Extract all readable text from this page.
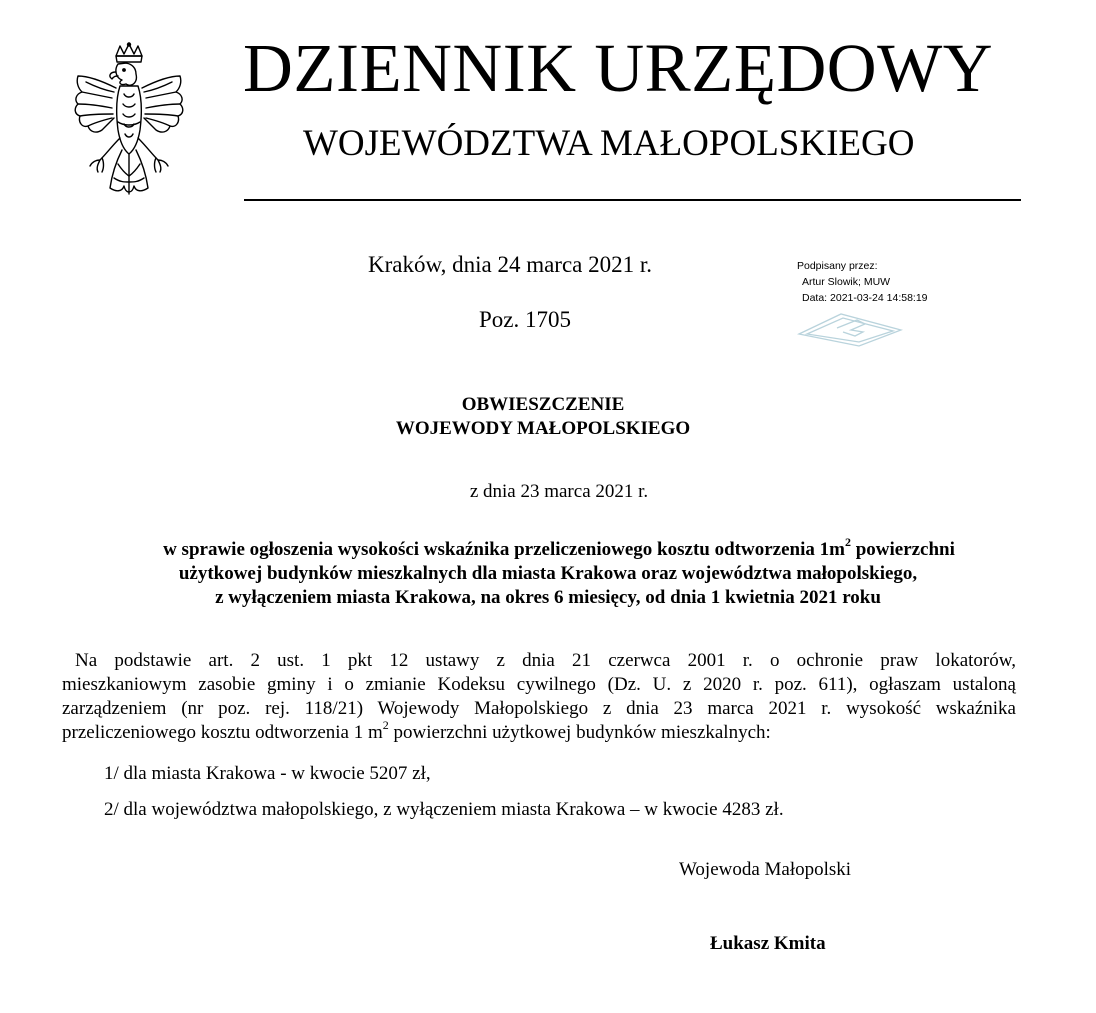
DZIENNIK URZĘDOWY
WOJEWÓDZTWA MAŁOPOLSKIEGO
Kraków, dnia 24 marca 2021 r.
Poz. 1705
Podpisany przez:
Artur Slowik; MUW
Data: 2021-03-24 14:58:19
OBWIESZCZENIE
WOJEWODY MAŁOPOLSKIEGO
z dnia 23 marca 2021 r.
w sprawie ogłoszenia wysokości wskaźnika przeliczeniowego kosztu odtworzenia $1m^2$ powierzchni
użytkowej budynków mieszkalnych dla miasta Krakowa oraz województwa małopolskiego,
z wyłączeniem miasta Krakowa, na okres 6 miesięcy, od dnia 1 kwietnia 2021 roku
Na podstawie art. 2 ust. 1 pkt 12 ustawy z dnia 21 czerwca 2001 r. o ochronie praw lokatorów,
mieszkaniowym zasobie gminy i o zmianie Kodeksu cywilnego (Dz. U. z 2020 r. poz. 611), ogłaszam ustaloną
zarządzeniem (nr poz. rej. 118/21) Wojewody Małopolskiego z dnia 23 marca 2021 r. wysokość wskaźnika
przeliczeniowego kosztu odtworzenia 1 $m^2$ powierzchni użytkowej budynków mieszkalnych:
1/ dla miasta Krakowa - w kwocie 5207 zł,
2/ dla województwa małopolskiego, z wyłączeniem miasta Krakowa – w kwocie 4283 zł.
Wojewoda Małopolski
Łukasz Kmita
